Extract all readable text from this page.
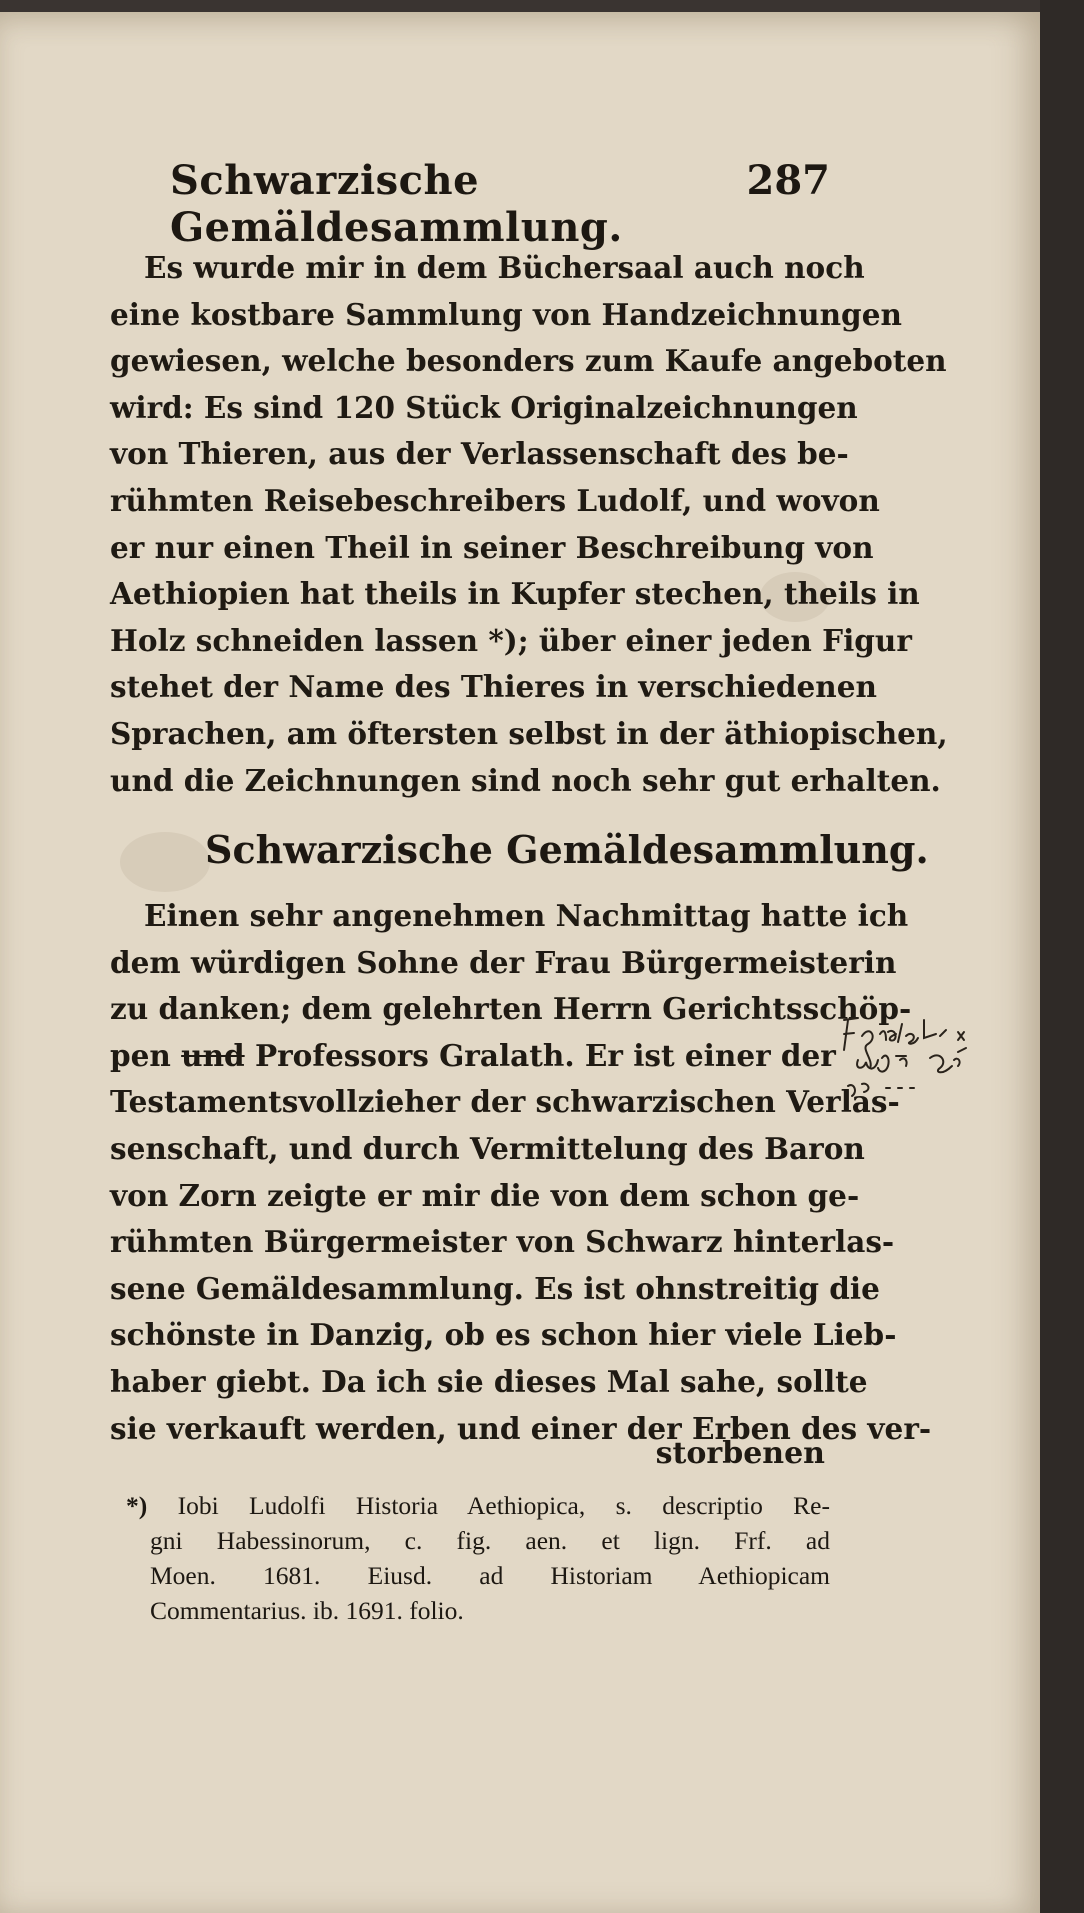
Schwarzische Gemäldesammlung.
287
Es wurde mir in dem Büchersaal auch noch
eine kostbare Sammlung von Handzeichnungen
gewiesen, welche besonders zum Kaufe angeboten
wird: Es sind 120 Stück Originalzeichnungen
von Thieren, aus der Verlassenschaft des be-
rühmten Reisebeschreibers Ludolf, und wovon
er nur einen Theil in seiner Beschreibung von
Aethiopien hat theils in Kupfer stechen, theils in
Holz schneiden lassen *); über einer jeden Figur
stehet der Name des Thieres in verschiedenen
Sprachen, am öftersten selbst in der äthiopischen,
und die Zeichnungen sind noch sehr gut erhalten.
Schwarzische Gemäldesammlung.
Einen sehr angenehmen Nachmittag hatte ich
dem würdigen Sohne der Frau Bürgermeisterin
zu danken; dem gelehrten Herrn Gerichtsschöp-
pen und Professors Gralath. Er ist einer der
Testamentsvollzieher der schwarzischen Verlas-
senschaft, und durch Vermittelung des Baron
von Zorn zeigte er mir die von dem schon ge-
rühmten Bürgermeister von Schwarz hinterlas-
sene Gemäldesammlung. Es ist ohnstreitig die
schönste in Danzig, ob es schon hier viele Lieb-
haber giebt. Da ich sie dieses Mal sahe, sollte
sie verkauft werden, und einer der Erben des ver-
storbenen
*) Iobi Ludolfi Historia Aethiopica, s. descriptio Re-
gni Habessinorum, c. fig. aen. et lign. Frf. ad
Moen. 1681. Eiusd. ad Historiam Aethiopicam
Commentarius. ib. 1691. folio.
